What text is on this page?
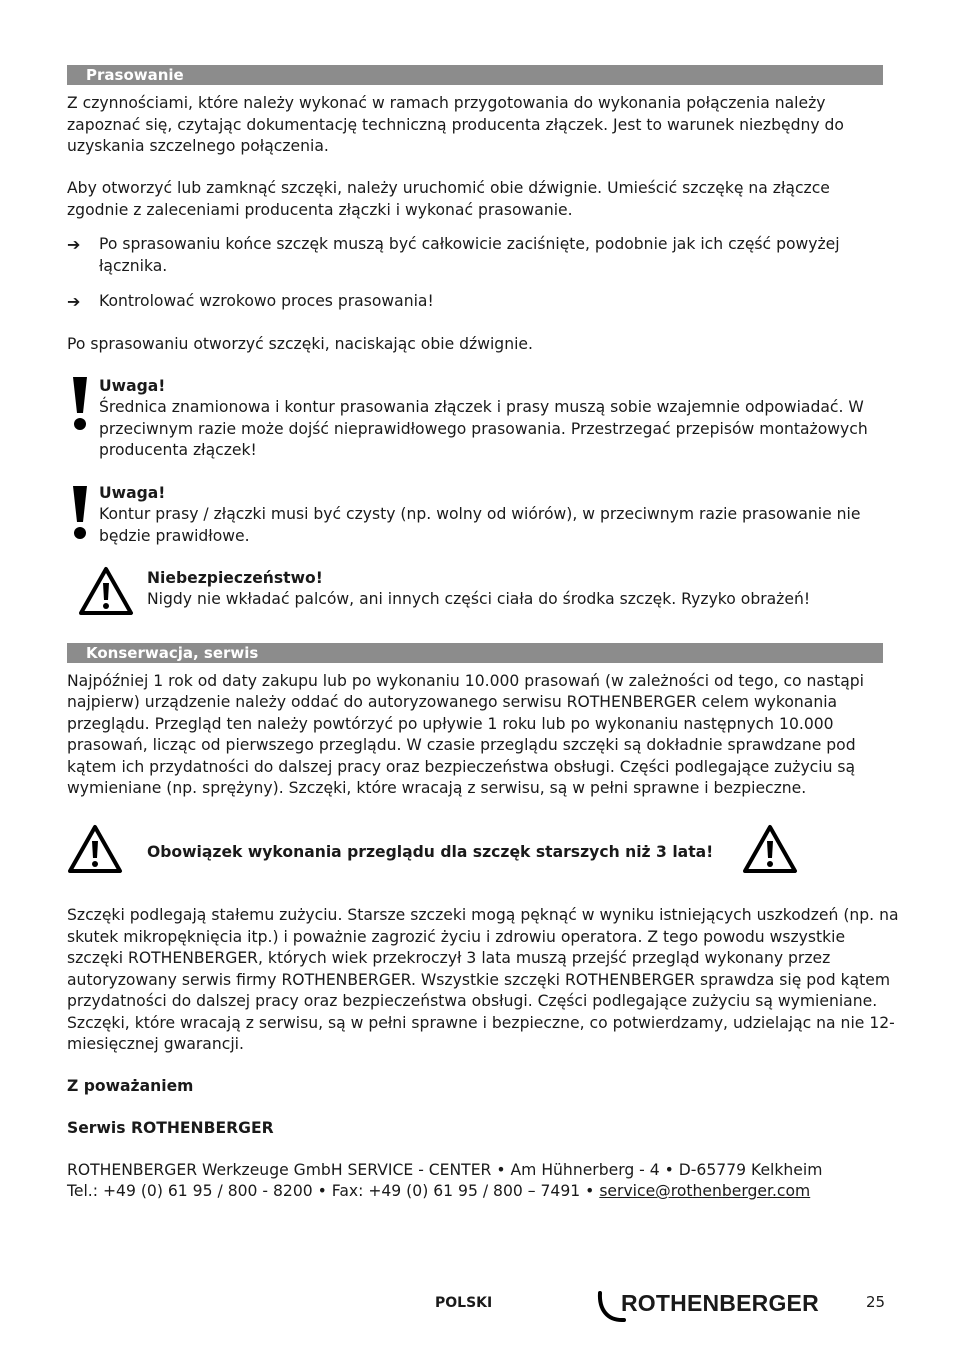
Prasowanie
Z czynnościami, które należy wykonać w ramach przygotowania do wykonania połączenia należy
zapoznać się, czytając dokumentację techniczną producenta złączek. Jest to warunek niezbędny do
uzyskania szczelnego połączenia.
Aby otworzyć lub zamknąć szczęki, należy uruchomić obie dźwignie. Umieścić szczękę na złączce
zgodnie z zaleceniami producenta złączki i wykonać prasowanie.
➔ Po sprasowaniu końce szczęk muszą być całkowicie zaciśnięte, podobnie jak ich część powyżej
łącznika.
➔ Kontrolować wzrokowo proces prasowania!
Po sprasowaniu otworzyć szczęki, naciskając obie dźwignie.
Uwaga!
Średnica znamionowa i kontur prasowania złączek i prasy muszą sobie wzajemnie odpowiadać. W
przeciwnym razie może dojść nieprawidłowego prasowania. Przestrzegać przepisów montażowych
producenta złączek!
Uwaga!
Kontur prasy / złączki musi być czysty (np. wolny od wiórów), w przeciwnym razie prasowanie nie
będzie prawidłowe.
Niebezpieczeństwo!
Nigdy nie wkładać palców, ani innych części ciała do środka szczęk. Ryzyko obrażeń!
Konserwacja, serwis
Najpóźniej 1 rok od daty zakupu lub po wykonaniu 10.000 prasowań (w zależności od tego, co nastąpi
najpierw) urządzenie należy oddać do autoryzowanego serwisu ROTHENBERGER celem wykonania
przeglądu. Przegląd ten należy powtórzyć po upływie 1 roku lub po wykonaniu następnych 10.000
prasowań, licząc od pierwszego przeglądu. W czasie przeglądu szczęki są dokładnie sprawdzane pod
kątem ich przydatności do dalszej pracy oraz bezpieczeństwa obsługi. Części podlegające zużyciu są
wymieniane (np. sprężyny). Szczęki, które wracają z serwisu, są w pełni sprawne i bezpieczne.
Obowiązek wykonania przeglądu dla szczęk starszych niż 3 lata!
Szczęki podlegają stałemu zużyciu. Starsze szczeki mogą pęknąć w wyniku istniejących uszkodzeń (np. na
skutek mikropęknięcia itp.) i poważnie zagrozić życiu i zdrowiu operatora. Z tego powodu wszystkie
szczęki ROTHENBERGER, których wiek przekroczył 3 lata muszą przejść przegląd wykonany przez
autoryzowany serwis firmy ROTHENBERGER. Wszystkie szczęki ROTHENBERGER sprawdza się pod kątem
przydatności do dalszej pracy oraz bezpieczeństwa obsługi. Części podlegające zużyciu są wymieniane.
Szczęki, które wracają z serwisu, są w pełni sprawne i bezpieczne, co potwierdzamy, udzielając na nie 12-
miesięcznej gwarancji.
Z poważaniem
Serwis ROTHENBERGER
ROTHENBERGER Werkzeuge GmbH SERVICE - CENTER • Am Hühnerberg - 4 • D-65779 Kelkheim
Tel.: +49 (0) 61 95 / 800 - 8200 • Fax: +49 (0) 61 95 / 800 – 7491 • service@rothenberger.com
POLSKI	ROTHENBERGER	25
